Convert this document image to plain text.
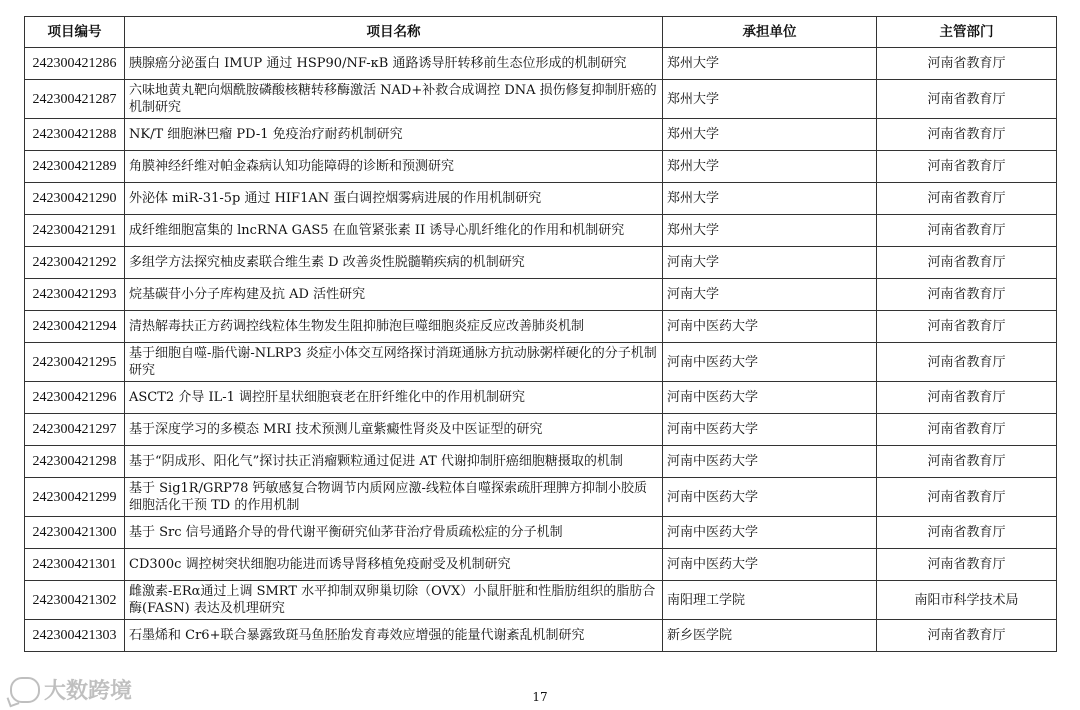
项目编号	项目名称	承担单位	主管部门
242300421286	胰腺癌分泌蛋白 IMUP 通过 HSP90/NF-κB 通路诱导肝转移前生态位形成的机制研究	郑州大学	河南省教育厅
242300421287	六味地黄丸靶向烟酰胺磷酸核糖转移酶激活 NAD+补救合成调控 DNA 损伤修复抑制肝癌的机制研究	郑州大学	河南省教育厅
242300421288	NK/T 细胞淋巴瘤 PD-1 免疫治疗耐药机制研究	郑州大学	河南省教育厅
242300421289	角膜神经纤维对帕金森病认知功能障碍的诊断和预测研究	郑州大学	河南省教育厅
242300421290	外泌体 miR-31-5p 通过 HIF1AN 蛋白调控烟雾病进展的作用机制研究	郑州大学	河南省教育厅
242300421291	成纤维细胞富集的 lncRNA GAS5 在血管紧张素 II 诱导心肌纤维化的作用和机制研究	郑州大学	河南省教育厅
242300421292	多组学方法探究柚皮素联合维生素 D 改善炎性脱髓鞘疾病的机制研究	河南大学	河南省教育厅
242300421293	烷基碳苷小分子库构建及抗 AD 活性研究	河南大学	河南省教育厅
242300421294	清热解毒扶正方药调控线粒体生物发生阻抑肺泡巨噬细胞炎症反应改善肺炎机制	河南中医药大学	河南省教育厅
242300421295	基于细胞自噬-脂代谢-NLRP3 炎症小体交互网络探讨消斑通脉方抗动脉粥样硬化的分子机制研究	河南中医药大学	河南省教育厅
242300421296	ASCT2 介导 IL-1 调控肝星状细胞衰老在肝纤维化中的作用机制研究	河南中医药大学	河南省教育厅
242300421297	基于深度学习的多模态 MRI 技术预测儿童紫癜性肾炎及中医证型的研究	河南中医药大学	河南省教育厅
242300421298	基于“阴成形、阳化气”探讨扶正消瘤颗粒通过促进 AT 代谢抑制肝癌细胞糖摄取的机制	河南中医药大学	河南省教育厅
242300421299	基于 Sig1R/GRP78 钙敏感复合物调节内质网应激-线粒体自噬探索疏肝理脾方抑制小胶质细胞活化干预 TD 的作用机制	河南中医药大学	河南省教育厅
242300421300	基于 Src 信号通路介导的骨代谢平衡研究仙茅苷治疗骨质疏松症的分子机制	河南中医药大学	河南省教育厅
242300421301	CD300c 调控树突状细胞功能进而诱导肾移植免疫耐受及机制研究	河南中医药大学	河南省教育厅
242300421302	雌激素-ERα通过上调 SMRT 水平抑制双卵巢切除（OVX）小鼠肝脏和性脂肪组织的脂肪合酶(FASN) 表达及机理研究	南阳理工学院	南阳市科学技术局
242300421303	石墨烯和 Cr6+联合暴露致斑马鱼胚胎发育毒效应增强的能量代谢紊乱机制研究	新乡医学院	河南省教育厅
大数跨境	17
